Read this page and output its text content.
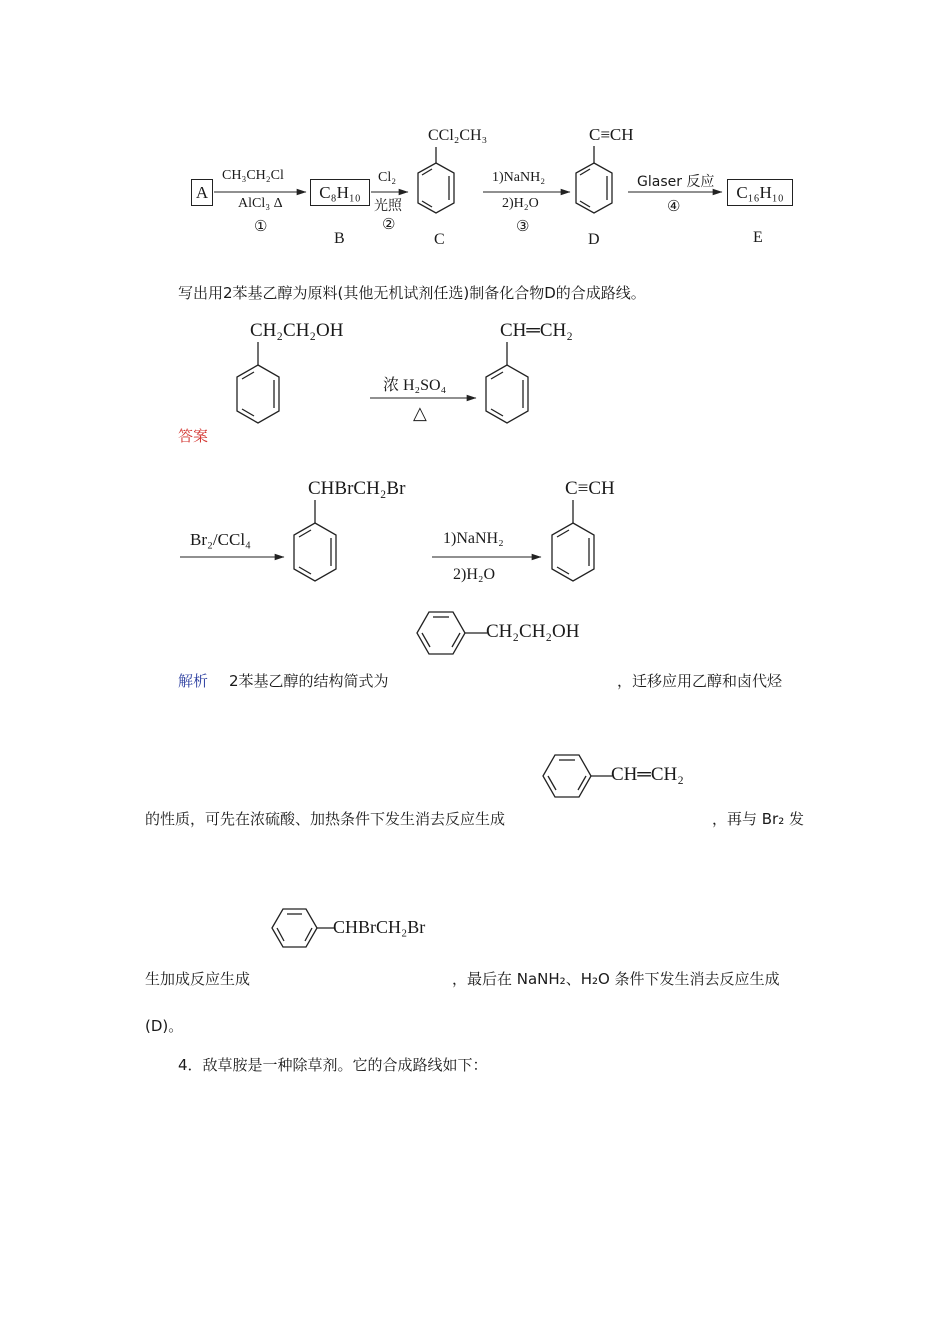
A
CH₃CH₂Cl
AlCl₃ Δ
①
C₈H₁₀
B
Cl₂
光照
②
CCl₂CH₃
C
1)NaNH₂
2)H₂O
③
C≡CH
D
Glaser 反应
④
C₁₆H₁₀
E
写出用2苯基乙醇为原料(其他无机试剂任选)制备化合物D的合成路线。
答案
CH₂CH₂OH
浓 H₂SO₄
△
CH═CH₂
Br₂/CCl₄
CHBrCH₂Br
1)NaNH₂
2)H₂O
C≡CH
解析 2苯基乙醇的结构简式为
CH₂CH₂OH
，迁移应用乙醇和卤代烃
的性质，可先在浓硫酸、加热条件下发生消去反应生成
CH═CH₂
，再与 Br₂ 发
生加成反应生成
CHBrCH₂Br
，最后在 NaNH₂、H₂O 条件下发生消去反应生成
(D)。
4．敌草胺是一种除草剂。它的合成路线如下：
